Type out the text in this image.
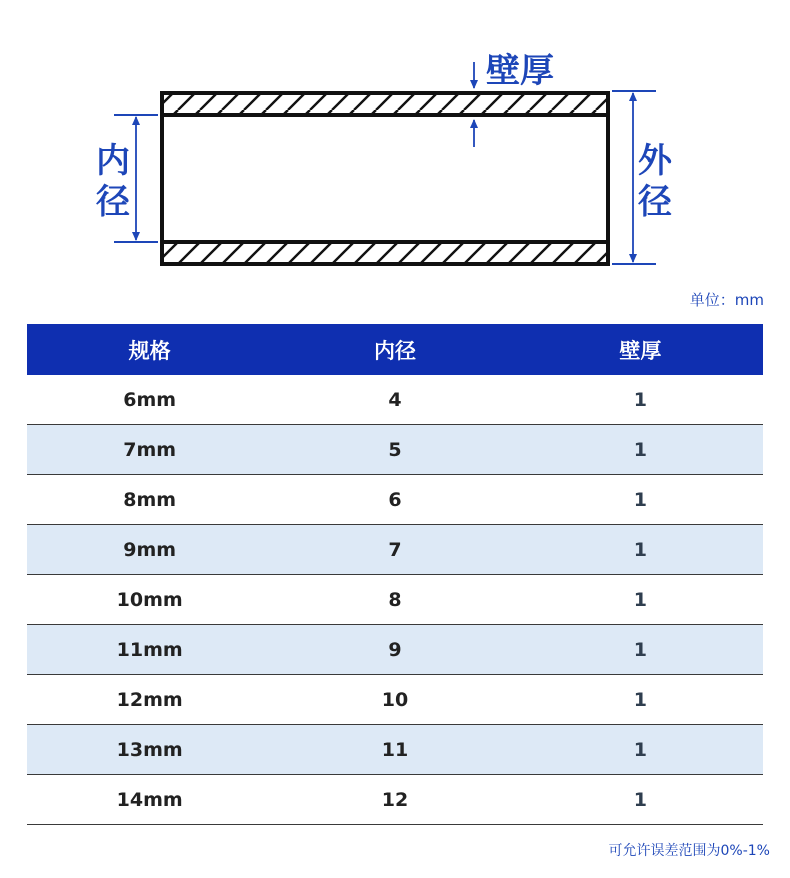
内
径
外
径
壁厚
单位：mm
规格	内径	壁厚
6mm	4	1
7mm	5	1
8mm	6	1
9mm	7	1
10mm	8	1
11mm	9	1
12mm	10	1
13mm	11	1
14mm	12	1
可允许误差范围为0%-1%
